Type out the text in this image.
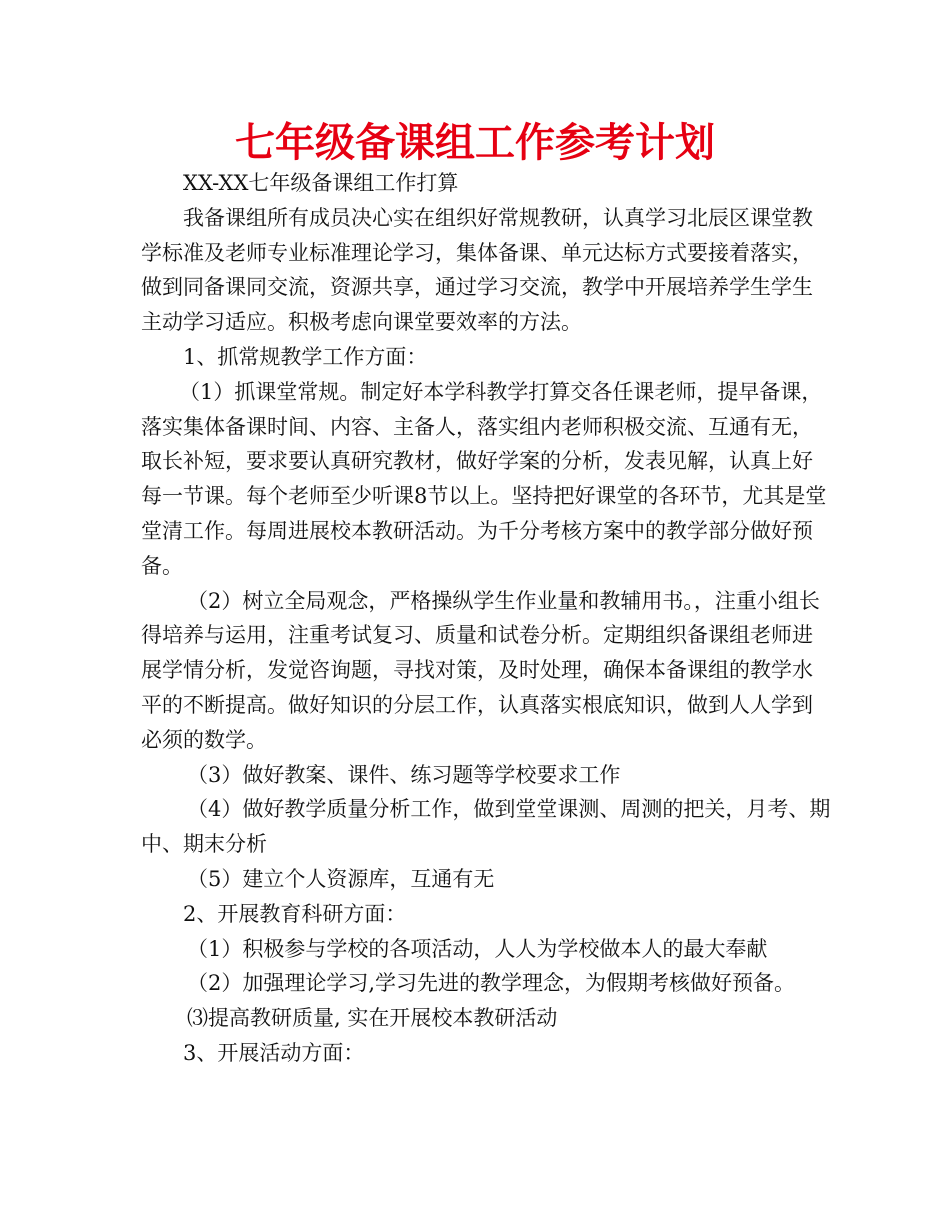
七年级备课组工作参考计划

XX-XX七年级备课组工作打算

我备课组所有成员决心实在组织好常规教研，认真学习北辰区课堂教学标准及老师专业标准理论学习，集体备课、单元达标方式要接着落实，做到同备课同交流，资源共享，通过学习交流，教学中开展培养学生学生主动学习适应。积极考虑向课堂要效率的方法。

1、抓常规教学工作方面：

（1）抓课堂常规。制定好本学科教学打算交各任课老师，提早备课，落实集体备课时间、内容、主备人，落实组内老师积极交流、互通有无，取长补短，要求要认真研究教材，做好学案的分析，发表见解，认真上好每一节课。每个老师至少听课8节以上。坚持把好课堂的各环节，尤其是堂堂清工作。每周进展校本教研活动。为千分考核方案中的教学部分做好预备。

（2）树立全局观念，严格操纵学生作业量和教辅用书。，注重小组长得培养与运用，注重考试复习、质量和试卷分析。定期组织备课组老师进展学情分析，发觉咨询题，寻找对策，及时处理，确保本备课组的教学水平的不断提高。做好知识的分层工作，认真落实根底知识，做到人人学到必须的数学。

（3）做好教案、课件、练习题等学校要求工作

（4）做好教学质量分析工作，做到堂堂课测、周测的把关，月考、期中、期末分析

（5）建立个人资源库，互通有无

2、开展教育科研方面：

（1）积极参与学校的各项活动，人人为学校做本人的最大奉献

（2）加强理论学习,学习先进的教学理念，为假期考核做好预备。

⑶提高教研质量, 实在开展校本教研活动

3、开展活动方面：
